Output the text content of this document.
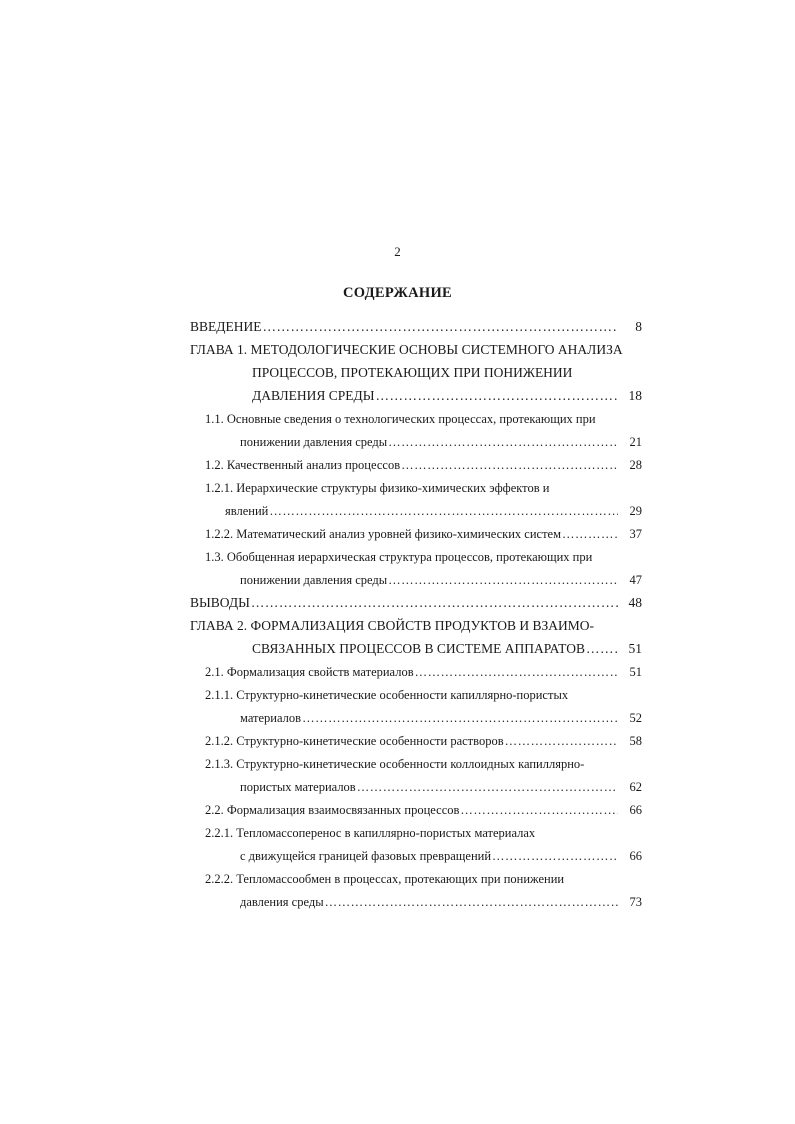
2
СОДЕРЖАНИЕ
ВВЕДЕНИЕ ……………………………………………………………………………………………………………………………………………………	8
ГЛАВА 1. МЕТОДОЛОГИЧЕСКИЕ ОСНОВЫ СИСТЕМНОГО АНАЛИЗА
ПРОЦЕССОВ, ПРОТЕКАЮЩИХ ПРИ ПОНИЖЕНИИ
ДАВЛЕНИЯ СРЕДЫ ……………………………………………………………………………………………………………………………………………………	18
1.1. Основные сведения о технологических процессах, протекающих при
понижении давления среды ……………………………………………………………………………………………………………………………………………………	21
1.2. Качественный анализ процессов ……………………………………………………………………………………………………………………………………………………	28
1.2.1. Иерархические структуры физико-химических эффектов и
явлений ……………………………………………………………………………………………………………………………………………………	29
1.2.2. Математический анализ уровней физико-химических систем ……………………………………………………………………………………………………………………………………………………	37
1.3. Обобщенная иерархическая структура процессов, протекающих при
понижении давления среды ……………………………………………………………………………………………………………………………………………………	47
ВЫВОДЫ ……………………………………………………………………………………………………………………………………………………	48
ГЛАВА 2. ФОРМАЛИЗАЦИЯ СВОЙСТВ ПРОДУКТОВ И ВЗАИМО-
СВЯЗАННЫХ ПРОЦЕССОВ В СИСТЕМЕ АППАРАТОВ ……………………………………………………………………………………………………………………………………………………	51
2.1. Формализация свойств материалов ……………………………………………………………………………………………………………………………………………………	51
2.1.1. Структурно-кинетические особенности капиллярно-пористых
материалов ……………………………………………………………………………………………………………………………………………………	52
2.1.2. Структурно-кинетические особенности растворов ……………………………………………………………………………………………………………………………………………………	58
2.1.3. Структурно-кинетические особенности коллоидных капиллярно-
пористых материалов ……………………………………………………………………………………………………………………………………………………	62
2.2. Формализация взаимосвязанных процессов ……………………………………………………………………………………………………………………………………………………	66
2.2.1. Тепломассоперенос в капиллярно-пористых материалах
с движущейся границей фазовых превращений ……………………………………………………………………………………………………………………………………………………	66
2.2.2. Тепломассообмен в процессах, протекающих при понижении
давления среды ……………………………………………………………………………………………………………………………………………………	73
